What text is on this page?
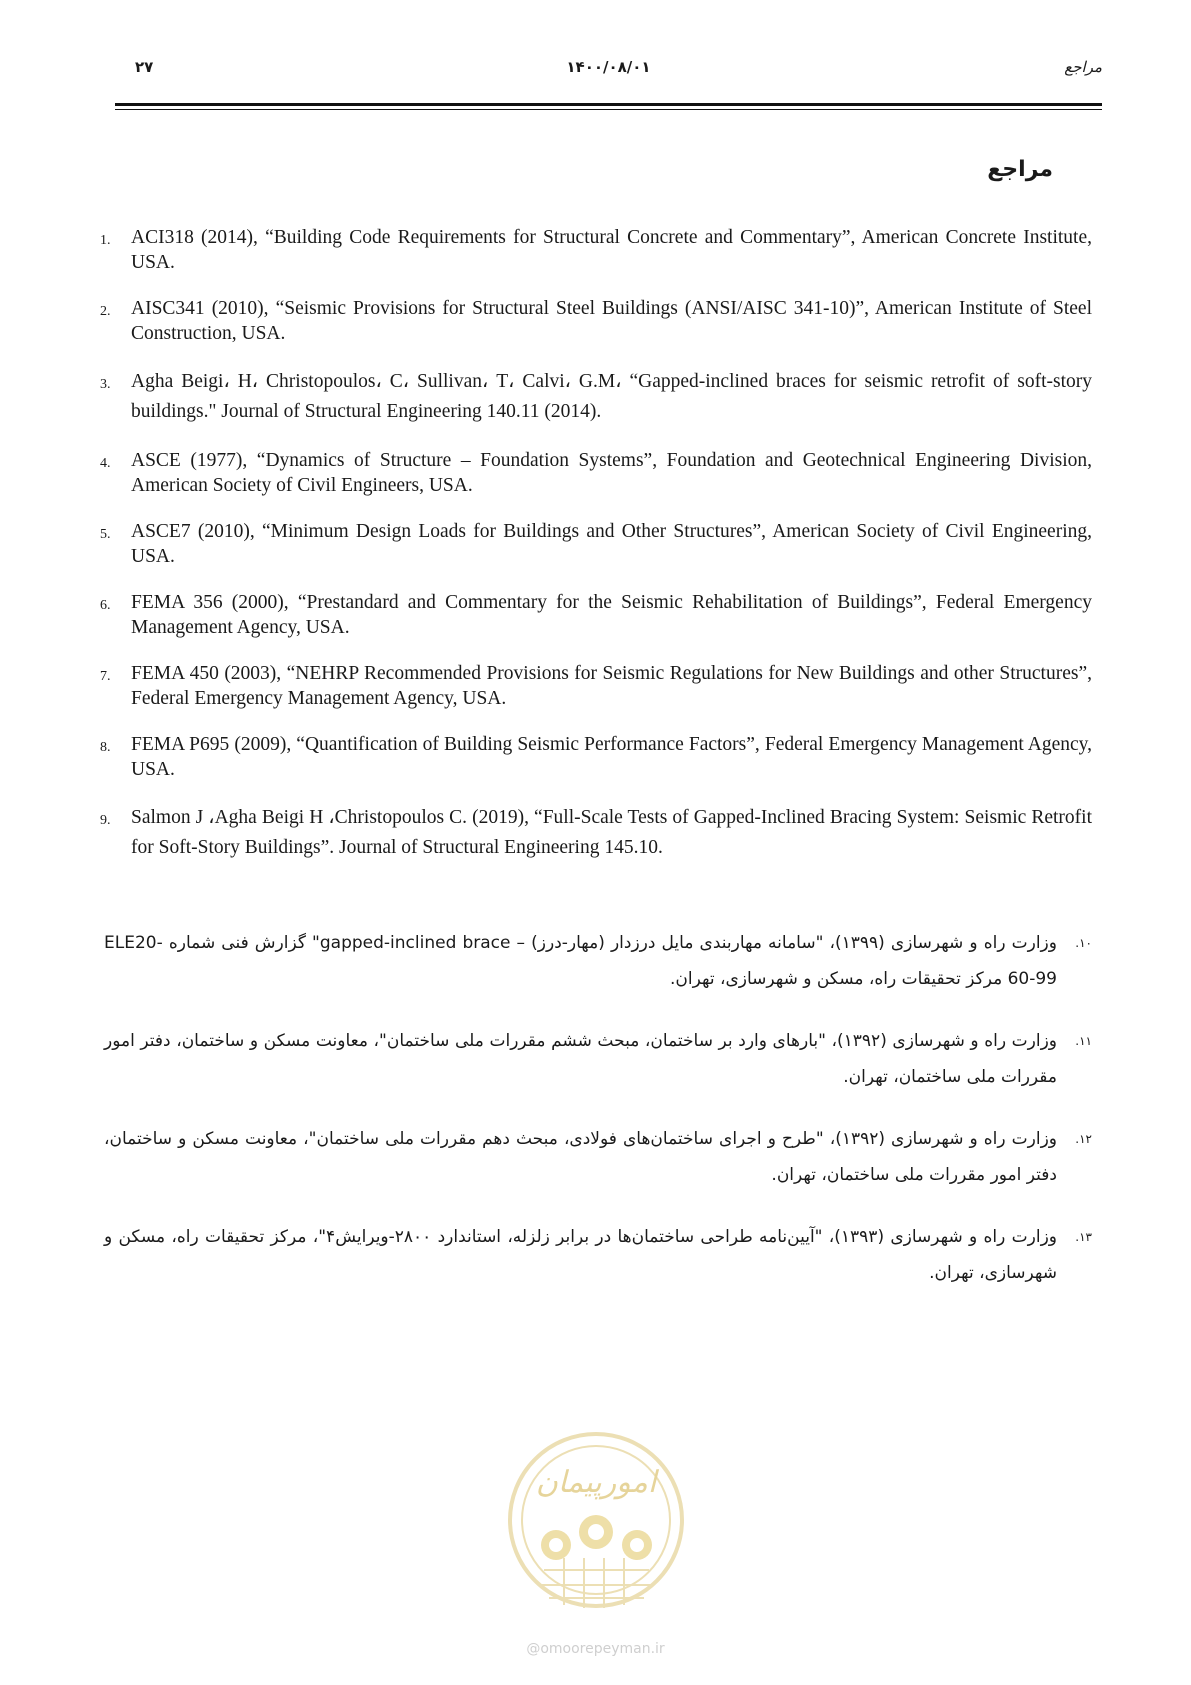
۲۷	۱۴۰۰/۰۸/۰۱	مراجع
مراجع
1.	ACI318 (2014), “Building Code Requirements for Structural Concrete and Commentary”, American Concrete Institute, USA.
2.	AISC341 (2010), “Seismic Provisions for Structural Steel Buildings (ANSI/AISC 341-10)”, American Institute of Steel Construction, USA.
3.	Agha Beigi، H، Christopoulos، C، Sullivan، T، Calvi، G.M، “Gapped-inclined braces for seismic retrofit of soft-story buildings." Journal of Structural Engineering 140.11 (2014).
4.	ASCE (1977), “Dynamics of Structure – Foundation Systems”, Foundation and Geotechnical Engineering Division, American Society of Civil Engineers, USA.
5.	ASCE7 (2010), “Minimum Design Loads for Buildings and Other Structures”, American Society of Civil Engineering, USA.
6.	FEMA 356 (2000), “Prestandard and Commentary for the Seismic Rehabilitation of Buildings”, Federal Emergency Management Agency, USA.
7.	FEMA 450 (2003), “NEHRP Recommended Provisions for Seismic Regulations for New Buildings and other Structures”, Federal Emergency Management Agency, USA.
8.	FEMA P695 (2009), “Quantification of Building Seismic Performance Factors”, Federal Emergency Management Agency, USA.
9.	Salmon J ،Agha Beigi H ،Christopoulos C. (2019), “Full-Scale Tests of Gapped-Inclined Bracing System: Seismic Retrofit for Soft-Story Buildings”. Journal of Structural Engineering 145.10.
۱۰.
وزارت راه و شهرسازی (۱۳۹۹)، "سامانه مهاربندی مایل درزدار (مهار-درز) – gapped-inclined brace" گزارش فنی شماره ELE20-60-99 مرکز تحقیقات راه، مسکن و شهرسازی، تهران.
۱۱.
وزارت راه و شهرسازی (۱۳۹۲)، "بارهای وارد بر ساختمان، مبحث ششم مقررات ملی ساختمان"، معاونت مسکن و ساختمان، دفتر امور مقررات ملی ساختمان، تهران.
۱۲.
وزارت راه و شهرسازی (۱۳۹۲)، "طرح و اجرای ساختمان‌های فولادی، مبحث دهم مقررات ملی ساختمان"، معاونت مسکن و ساختمان، دفتر امور مقررات ملی ساختمان، تهران.
۱۳.
وزارت راه و شهرسازی (۱۳۹۳)، "آیین‌نامه طراحی ساختمان‌ها در برابر زلزله، استاندارد ۲۸۰۰-ویرایش۴"، مرکز تحقیقات راه، مسکن و شهرسازی، تهران.
امورپیمان
@omoorepeyman.ir
